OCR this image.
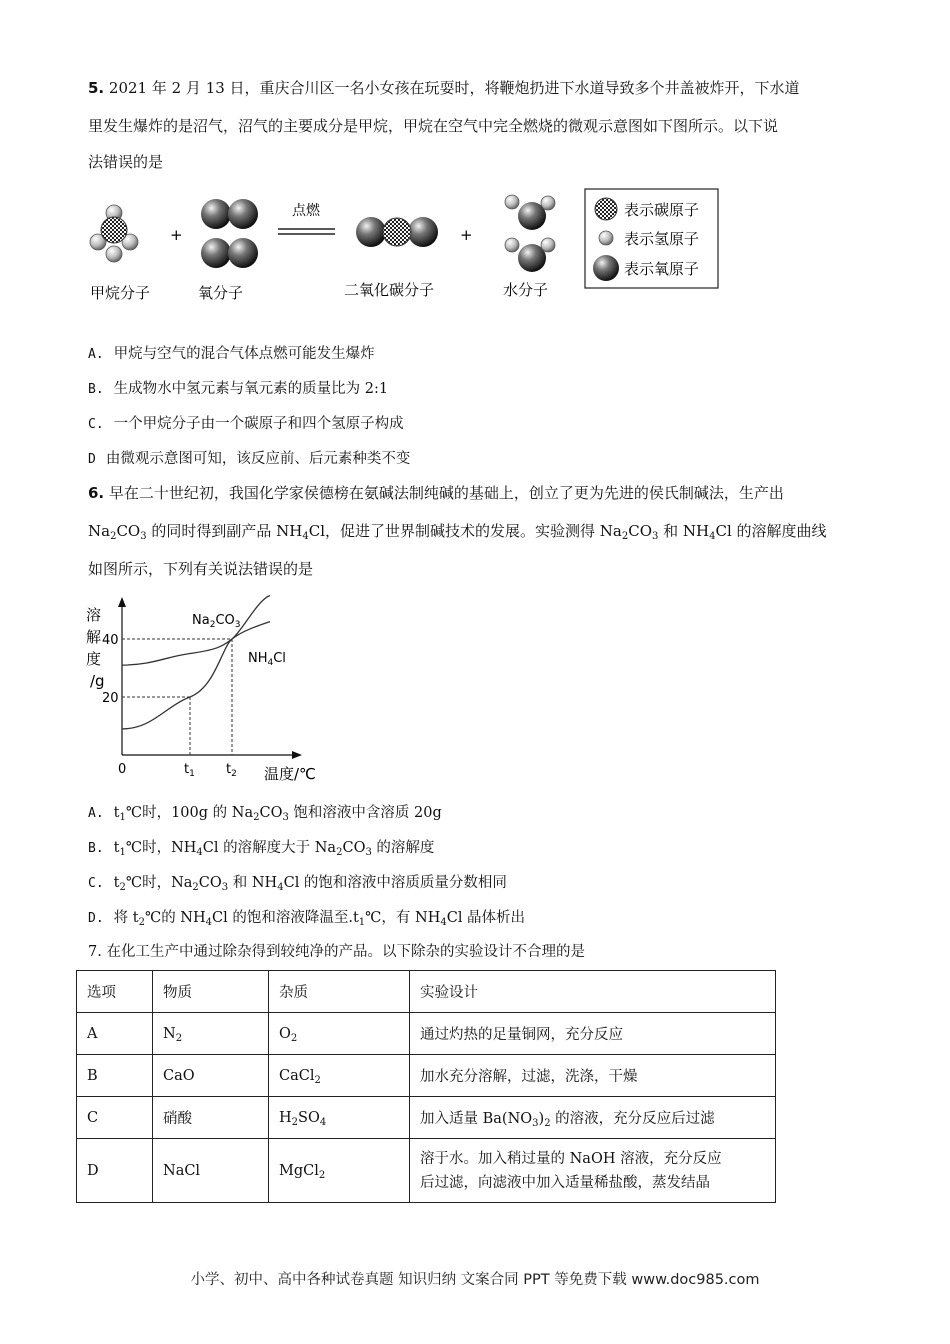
5. 2021 年 2 月 13 日，重庆合川区一名小女孩在玩耍时，将鞭炮扔进下水道导致多个井盖被炸开，下水道
里发生爆炸的是沼气，沼气的主要成分是甲烷，甲烷在空气中完全燃烧的微观示意图如下图所示。以下说
法错误的是
+
点燃
+
表示碳原子
表示氢原子
表示氧原子
甲烷分子	氧分子	二氧化碳分子	水分子
A. 甲烷与空气的混合气体点燃可能发生爆炸
B. 生成物水中氢元素与氧元素的质量比为 2:1
C. 一个甲烷分子由一个碳原子和四个氢原子构成
D 由微观示意图可知，该反应前、后元素种类不变
6. 早在二十世纪初，我国化学家侯德榜在氨碱法制纯碱的基础上，创立了更为先进的侯氏制碱法，生产出
$Na_2CO_3$ 的同时得到副产品 $NH_4Cl$，促进了世界制碱技术的发展。实验测得 $Na_2CO_3$ 和 $NH_4Cl$ 的溶解度曲线
如图所示，下列有关说法错误的是
溶解度/g
0
20
40
$t_1$ $t_2$
$Na_2CO_3$
$NH_4Cl$
温度/℃
A. $t_1℃$时，100g 的 $Na_2CO_3$ 饱和溶液中含溶质 20g
B. $t_1℃$时，$NH_4Cl$ 的溶解度大于 $Na_2CO_3$ 的溶解度
C. $t_2℃$时，$Na_2CO_3$ 和 $NH_4Cl$ 的饱和溶液中溶质质量分数相同
D. 将 $t_2℃$的 $NH_4Cl$ 的饱和溶液降温至$.t_1℃$，有 $NH_4Cl$ 晶体析出
7. 在化工生产中通过除杂得到较纯净的产品。以下除杂的实验设计不合理的是
选项	物质	杂质	实验设计
A	$N_2$	$O_2$	通过灼热的足量铜网，充分反应
B	CaO	CaCl$_2$	加水充分溶解，过滤，洗涤，干燥
C	硝酸	$H_2SO_4$	加入适量 $Ba(NO_3)_2$ 的溶液，充分反应后过滤
D	NaCl	MgCl$_2$	溶于水。加入稍过量的 NaOH 溶液，充分反应
后过滤，向滤液中加入适量稀盐酸，蒸发结晶
小学、初中、高中各种试卷真题 知识归纳 文案合同 PPT 等免费下载 www.doc985.com
